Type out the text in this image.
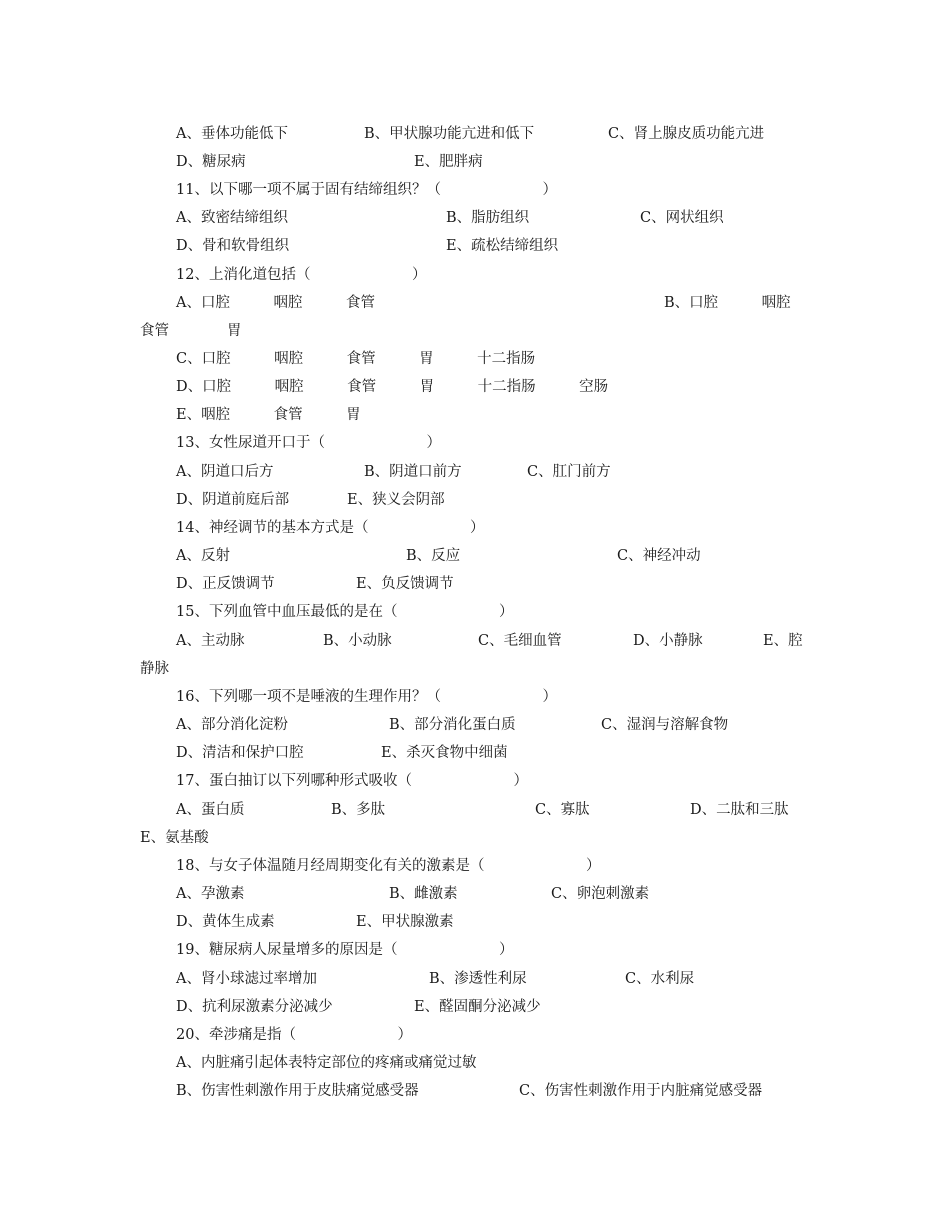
A、垂体功能低下	B、甲状腺功能亢进和低下	C、肾上腺皮质功能亢进
D、糖尿病	E、肥胖病
11、以下哪一项不属于固有结缔组织？（　　　　　　　）
A、致密结缔组织	B、脂肪组织	C、网状组织
D、骨和软骨组织	E、疏松结缔组织
12、上消化道包括（　　　　　　　）
A、口腔　　　咽腔　　　食管	B、口腔　　　咽腔
食管　　　　胃
C、口腔　　　咽腔　　　食管　　　胃　　　十二指肠
D、口腔　　　咽腔　　　食管　　　胃　　　十二指肠　　　空肠
E、咽腔　　　食管　　　胃
13、女性尿道开口于（　　　　　　　）
A、阴道口后方	B、阴道口前方	C、肛门前方
D、阴道前庭后部	E、狭义会阴部
14、神经调节的基本方式是（　　　　　　　）
A、反射	B、反应	C、神经冲动
D、正反馈调节	E、负反馈调节
15、下列血管中血压最低的是在（　　　　　　　）
A、主动脉	B、小动脉	C、毛细血管	D、小静脉	E、腔
静脉
16、下列哪一项不是唾液的生理作用？（　　　　　　　）
A、部分消化淀粉	B、部分消化蛋白质	C、湿润与溶解食物
D、清洁和保护口腔	E、杀灭食物中细菌
17、蛋白抽订以下列哪种形式吸收（　　　　　　　）
A、蛋白质	B、多肽	C、寡肽	D、二肽和三肽
E、氨基酸
18、与女子体温随月经周期变化有关的激素是（　　　　　　　）
A、孕激素	B、雌激素	C、卵泡刺激素
D、黄体生成素	E、甲状腺激素
19、糖尿病人尿量增多的原因是（　　　　　　　）
A、肾小球滤过率增加	B、渗透性利尿	C、水利尿
D、抗利尿激素分泌减少	E、醛固酮分泌减少
20、牵涉痛是指（　　　　　　　）
A、内脏痛引起体表特定部位的疼痛或痛觉过敏
B、伤害性刺激作用于皮肤痛觉感受器	C、伤害性刺激作用于内脏痛觉感受器
